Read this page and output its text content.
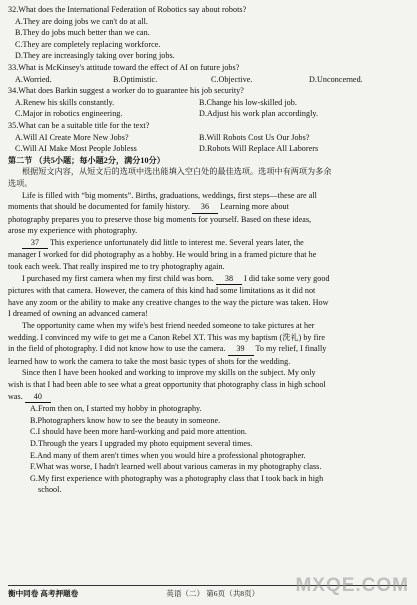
32.What does the International Federation of Robotics say about robots?
A.They are doing jobs we can't do at all.
B.They do jobs much better than we can.
C.They are completely replacing workforce.
D.They are increasingly taking over boring jobs.
33.What is McKinsey's attitude toward the effect of AI on future jobs?
A.Worried.	B.Optimistic.	C.Objective.	D.Unconcerned.
34.What does Barkin suggest a worker do to guarantee his job security?
A.Renew his skills constantly.	B.Change his low-skilled job.
C.Major in robotics engineering.	D.Adjust his work plan accordingly.
35.What can be a suitable title for the text?
A.Will AI Create More New Jobs?	B.Will Robots Cost Us Our Jobs?
C.Will AI Make Most People Jobless	D.Robots Will Replace All Laborers
第二节 （共5小题；每小题2分，满分10分）
根据短文内容，从短文后的选项中选出能填入空白处的最佳选项。选项中有两项为多余
选项。
Life is filled with “big moments”. Births, graduations, weddings, first steps—these are all
moments that should be documented for family history. 36 Learning more about
photography prepares you to preserve those big moments for yourself. Based on these ideas,
arose my experience with photography.
37 This experience unfortunately did little to interest me. Several years later, the
manager I worked for did photography as a hobby. He would bring in a framed picture that he
took each week. That really inspired me to try photography again.
I purchased my first camera when my first child was born. 38 I did take some very good
pictures with that camera. However, the camera of this kind had some limitations as it did not
have any zoom or the ability to make any creative changes to the way the picture was taken. How
I dreamed of owning an advanced camera!
The opportunity came when my wife's best friend needed someone to take pictures at her
wedding. I convinced my wife to get me a Canon Rebel XT. This was my baptism (洗礼) by fire
in the field of photography. I did not know how to use the camera. 39 To my relief, I finally
learned how to work the camera to take the most basic types of shots for the wedding.
Since then I have been hooked and working to improve my skills on the subject. My only
wish is that I had been able to see what a great opportunity that photography class in high school
was. 40
A.From then on, I started my hobby in photography.
B.Photographers know how to see the beauty in someone.
C.I should have been more hard-working and paid more attention.
D.Through the years I upgraded my photo equipment several times.
E.And many of them aren't times when you would hire a professional photographer.
F.What was worse, I hadn't learned well about various cameras in my photography class.
G.My first experience with photography was a photography class that I took back in high
school.
衡中同卷 高考押题卷	英语（二） 第6页（共8页） MXQE.COM
